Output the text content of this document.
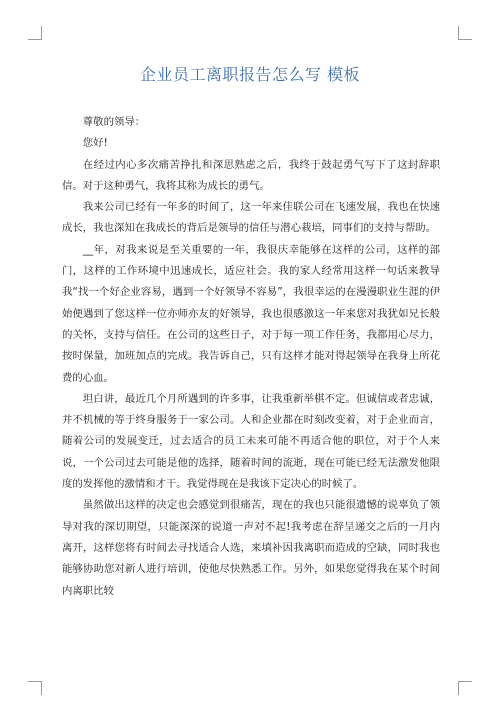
企业员工离职报告怎么写 模板

尊敬的领导：

您好!

在经过内心多次痛苦挣扎和深思熟虑之后，我终于鼓起勇气写下了这封辞职信。对于这种勇气，我将其称为成长的勇气。

我来公司已经有一年多的时间了，这一年来佳联公司在飞速发展，我也在快速成长，我也深知在我成长的背后是领导的信任与潜心栽培，同事们的支持与帮助。

__年，对我来说是至关重要的一年，我很庆幸能够在这样的公司，这样的部门，这样的工作环境中迅速成长，适应社会。我的家人经常用这样一句话来教导我“找一个好企业容易，遇到一个好领导不容易”，我很幸运的在漫漫职业生涯的伊始便遇到了您这样一位亦师亦友的好领导，我也很感激这一年来您对我犹如兄长般的关怀，支持与信任。在公司的这些日子，对于每一项工作任务，我都用心尽力，按时保量，加班加点的完成。我告诉自己，只有这样才能对得起领导在我身上所花费的心血。

坦白讲，最近几个月所遇到的许多事，让我重新举棋不定。但诚信或者忠诚，并不机械的等于终身服务于一家公司。人和企业都在时刻改变着，对于企业而言，随着公司的发展变迁，过去适合的员工未来可能不再适合他的职位，对于个人来说，一个公司过去可能是他的选择，随着时间的流逝，现在可能已经无法激发他限度的发挥他的激情和才干。我觉得现在是我该下定决心的时候了。

虽然做出这样的决定也会感觉到很痛苦，现在的我也只能很遗憾的说辜负了领导对我的深切期望，只能深深的说道一声对不起!我考虑在辞呈递交之后的一月内离开，这样您将有时间去寻找适合人选，来填补因我离职而造成的空缺，同时我也能够协助您对新人进行培训，使他尽快熟悉工作。另外，如果您觉得我在某个时间内离职比较
